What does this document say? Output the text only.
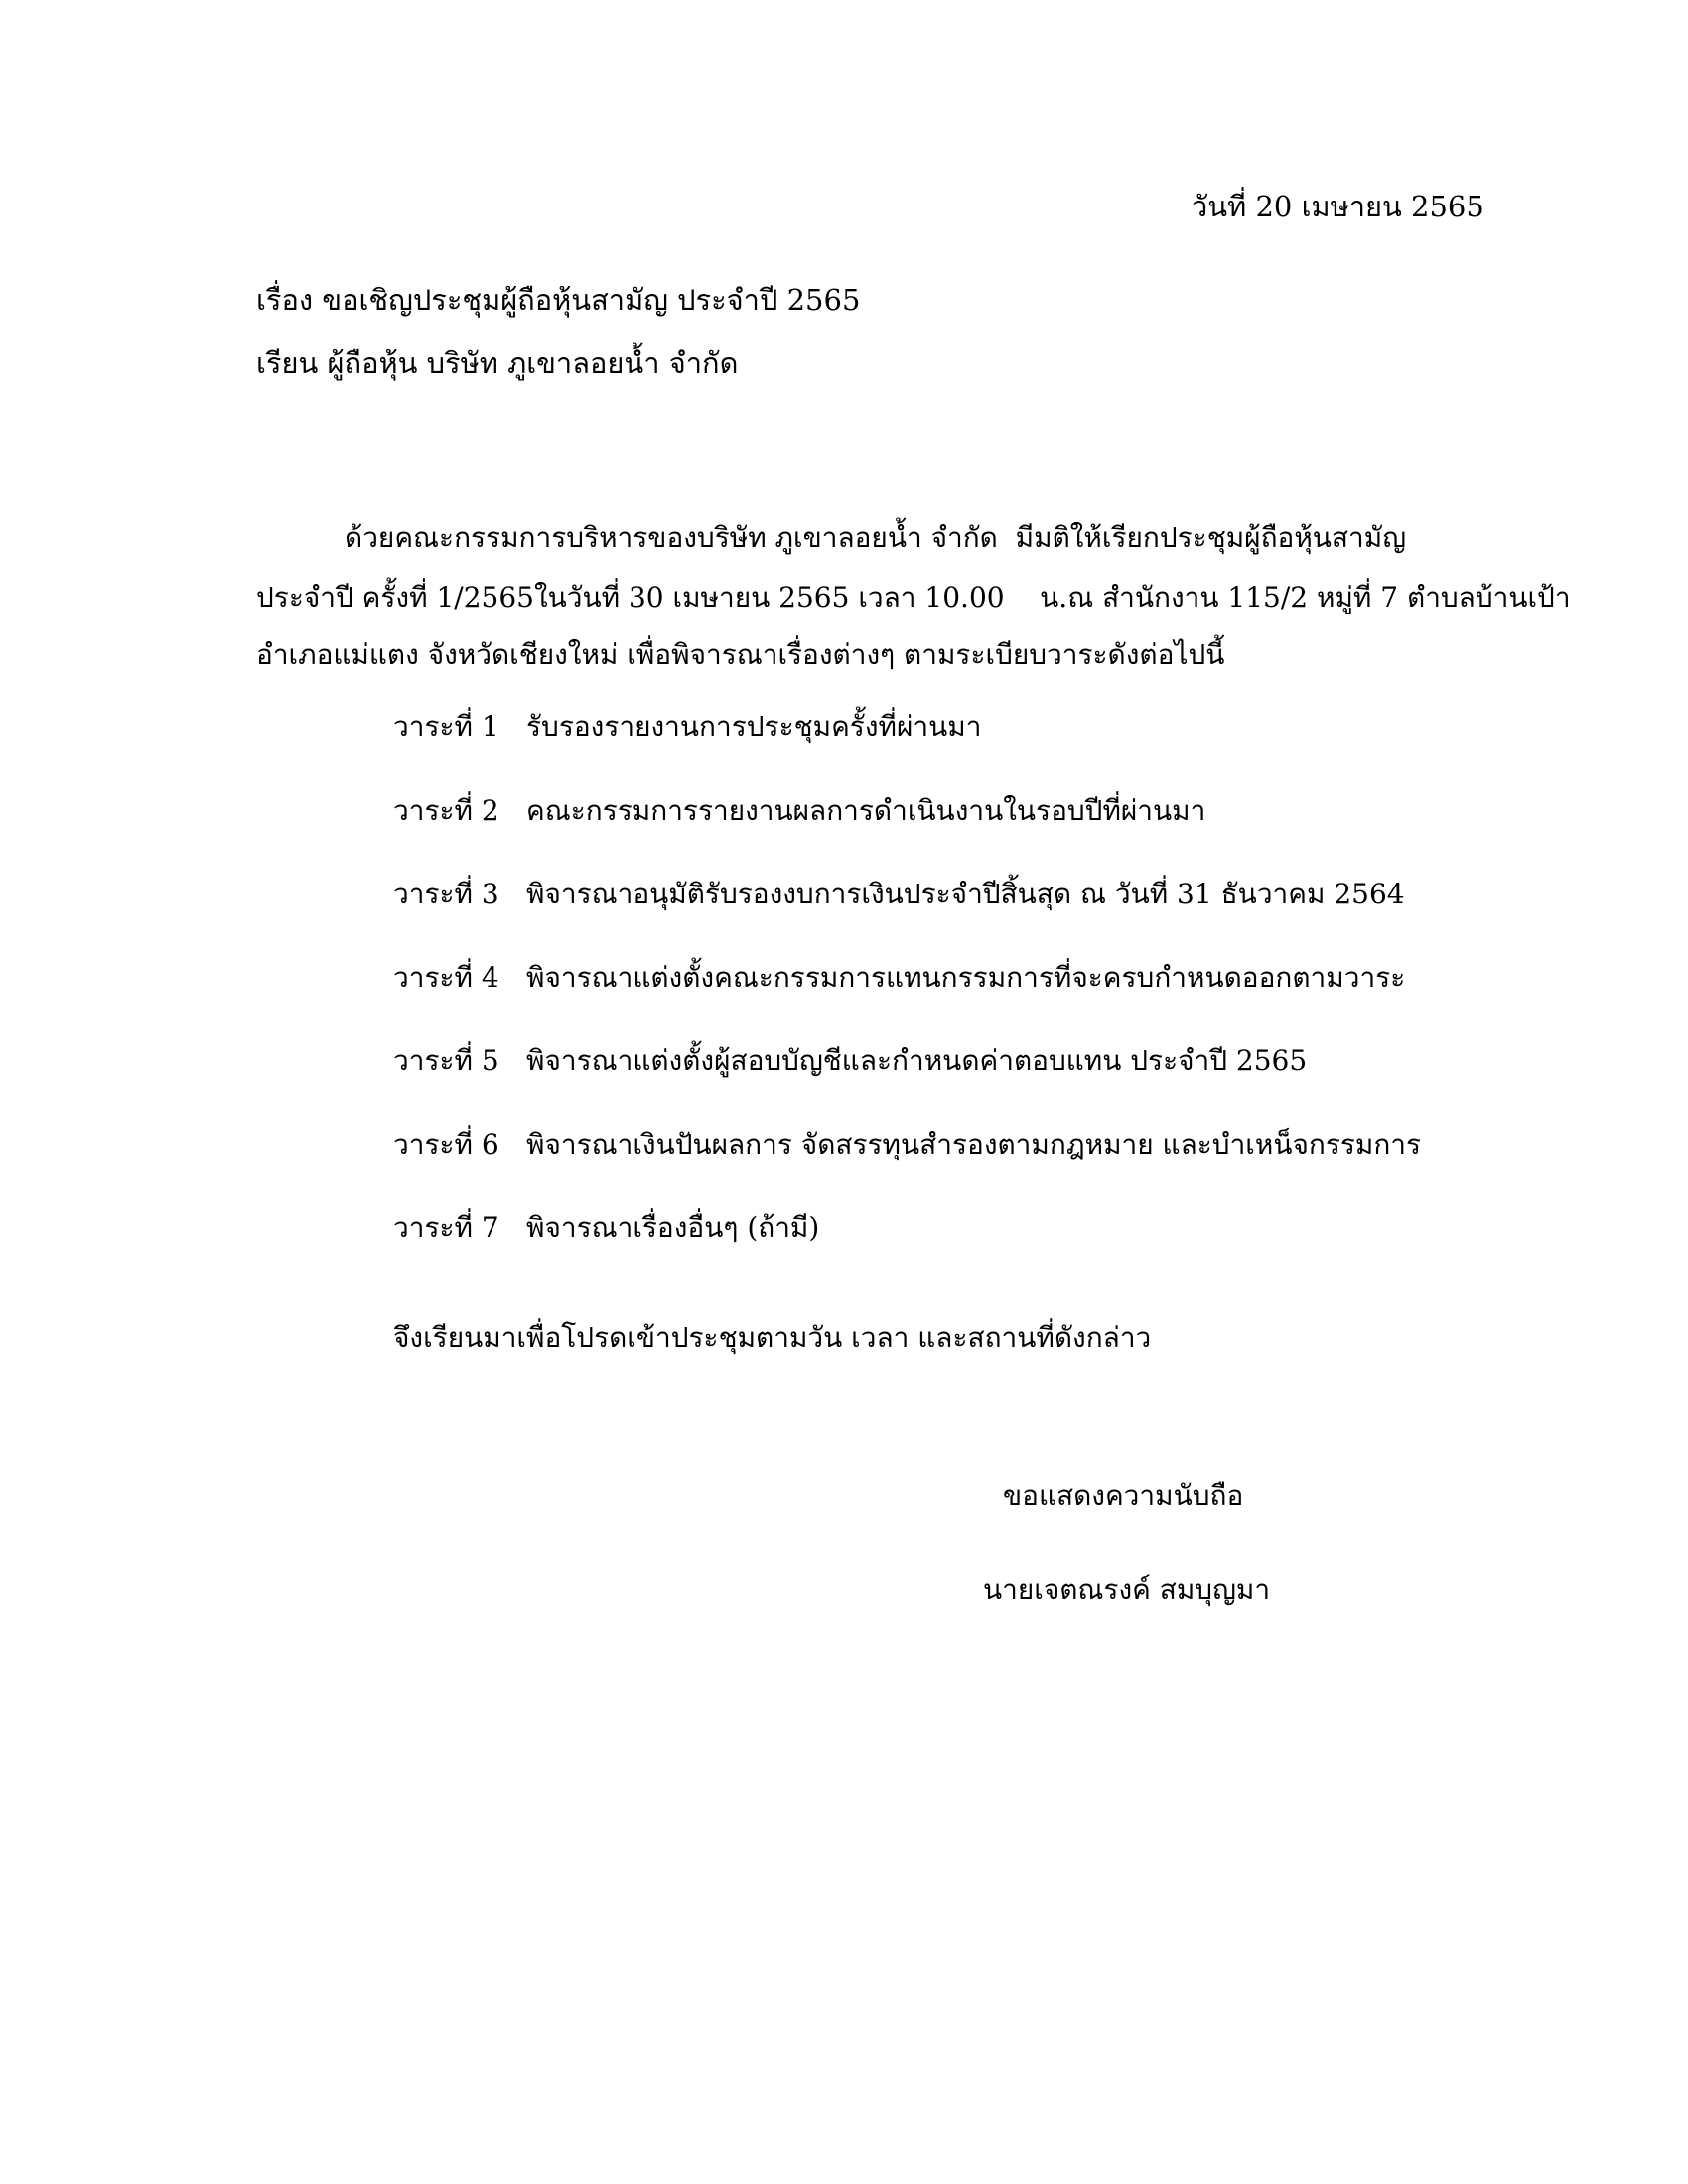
วันที่ 20 เมษายน 2565
เรื่อง ขอเชิญประชุมผู้ถือหุ้นสามัญ ประจำปี 2565
เรียน ผู้ถือหุ้น บริษัท ภูเขาลอยน้ำ จำกัด
ด้วยคณะกรรมการบริหารของบริษัท ภูเขาลอยน้ำ จำกัด  มีมติให้เรียกประชุมผู้ถือหุ้นสามัญ
ประจำปี ครั้งที่ 1/2565ในวันที่ 30 เมษายน 2565 เวลา 10.00    น.ณ สำนักงาน 115/2 หมู่ที่ 7 ตำบลบ้านเป้า
อำเภอแม่แตง จังหวัดเชียงใหม่ เพื่อพิจารณาเรื่องต่างๆ ตามระเบียบวาระดังต่อไปนี้
วาระที่ 1 รับรองรายงานการประชุมครั้งที่ผ่านมา
วาระที่ 2 คณะกรรมการรายงานผลการดำเนินงานในรอบปีที่ผ่านมา
วาระที่ 3 พิจารณาอนุมัติรับรองงบการเงินประจำปีสิ้นสุด ณ วันที่ 31 ธันวาคม 2564
วาระที่ 4 พิจารณาแต่งตั้งคณะกรรมการแทนกรรมการที่จะครบกำหนดออกตามวาระ
วาระที่ 5 พิจารณาแต่งตั้งผู้สอบบัญชีและกำหนดค่าตอบแทน ประจำปี 2565
วาระที่ 6 พิจารณาเงินปันผลการ จัดสรรทุนสำรองตามกฎหมาย และบำเหน็จกรรมการ
วาระที่ 7 พิจารณาเรื่องอื่นๆ (ถ้ามี)
จึงเรียนมาเพื่อโปรดเข้าประชุมตามวัน เวลา และสถานที่ดังกล่าว
ขอแสดงความนับถือ
นายเจตณรงค์ สมบุญมา
